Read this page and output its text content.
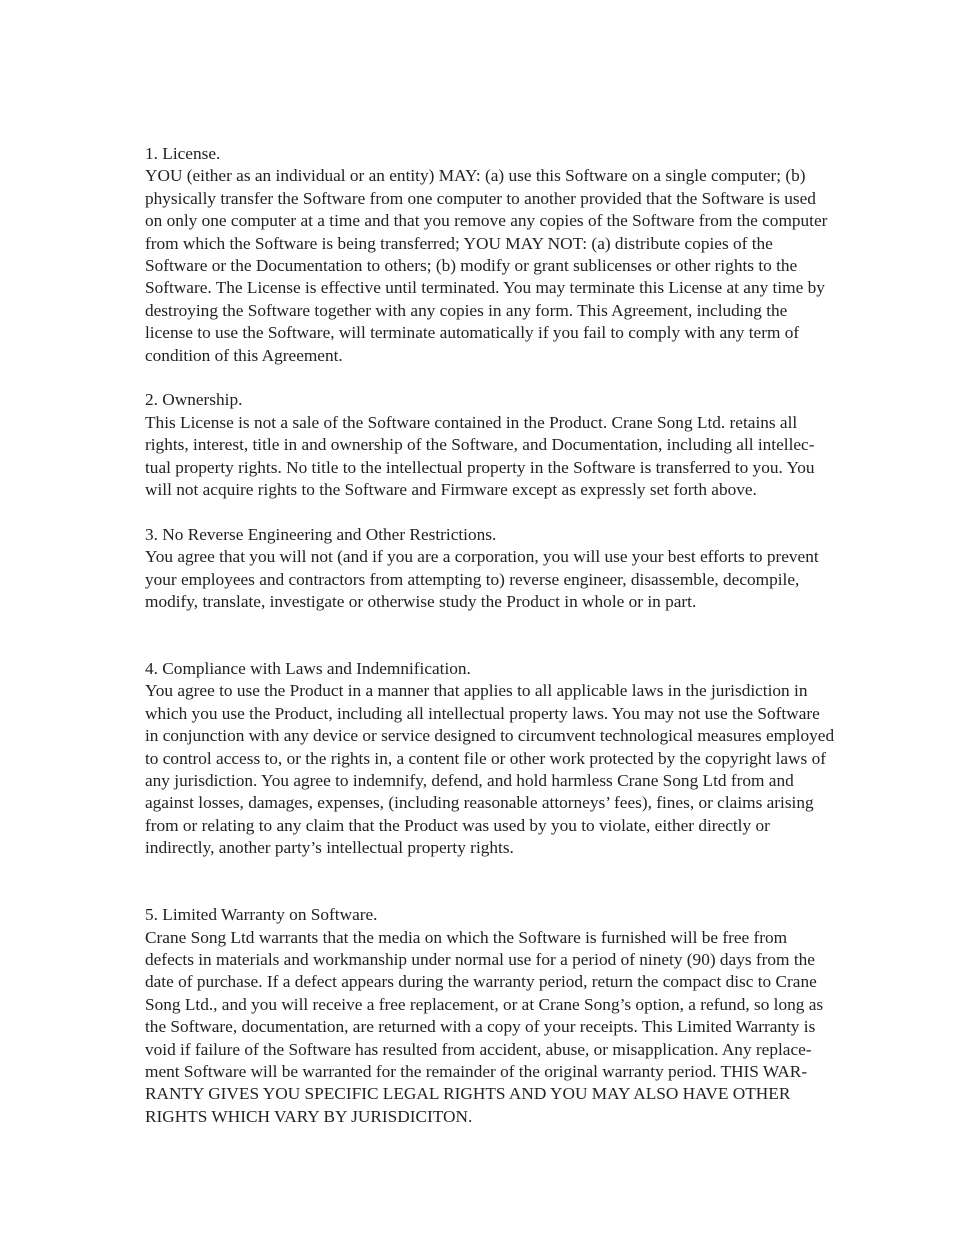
1. License.
YOU (either as an individual or an entity) MAY: (a) use this Software on a single computer; (b)
physically transfer the Software from one computer to another provided that the Software is used
on only one computer at a time and that you remove any copies of the Software from the computer
from which the Software is being transferred; YOU MAY NOT: (a) distribute copies of the
Software or the Documentation to others; (b) modify or grant sublicenses or other rights to the
Software. The License is effective until terminated. You may terminate this License at any time by
destroying the Software together with any copies in any form. This Agreement, including the
license to use the Software, will terminate automatically if you fail to comply with any term of
condition of this Agreement.
2. Ownership.
This License is not a sale of the Software contained in the Product. Crane Song Ltd. retains all
rights, interest, title in and ownership of the Software, and Documentation, including all intellec-
tual property rights. No title to the intellectual property in the Software is transferred to you. You
will not acquire rights to the Software and Firmware except as expressly set forth above.
3. No Reverse Engineering and Other Restrictions.
You agree that you will not (and if you are a corporation, you will use your best efforts to prevent
your employees and contractors from attempting to) reverse engineer, disassemble, decompile,
modify, translate, investigate or otherwise study the Product in whole or in part.
4. Compliance with Laws and Indemnification.
You agree to use the Product in a manner that applies to all applicable laws in the jurisdiction in
which you use the Product, including all intellectual property laws. You may not use the Software
in conjunction with any device or service designed to circumvent technological measures employed
to control access to, or the rights in, a content file or other work protected by the copyright laws of
any jurisdiction. You agree to indemnify, defend, and hold harmless Crane Song Ltd from and
against losses, damages, expenses, (including reasonable attorneys’ fees), fines, or claims arising
from or relating to any claim that the Product was used by you to violate, either directly or
indirectly, another party’s intellectual property rights.
5. Limited Warranty on Software.
Crane Song Ltd warrants that the media on which the Software is furnished will be free from
defects in materials and workmanship under normal use for a period of ninety (90) days from the
date of purchase. If a defect appears during the warranty period, return the compact disc to Crane
Song Ltd., and you will receive a free replacement, or at Crane Song’s option, a refund, so long as
the Software, documentation, are returned with a copy of your receipts. This Limited Warranty is
void if failure of the Software has resulted from accident, abuse, or misapplication. Any replace-
ment Software will be warranted for the remainder of the original warranty period. THIS WAR-
RANTY GIVES YOU SPECIFIC LEGAL RIGHTS AND YOU MAY ALSO HAVE OTHER
RIGHTS WHICH VARY BY JURISDICITON.
